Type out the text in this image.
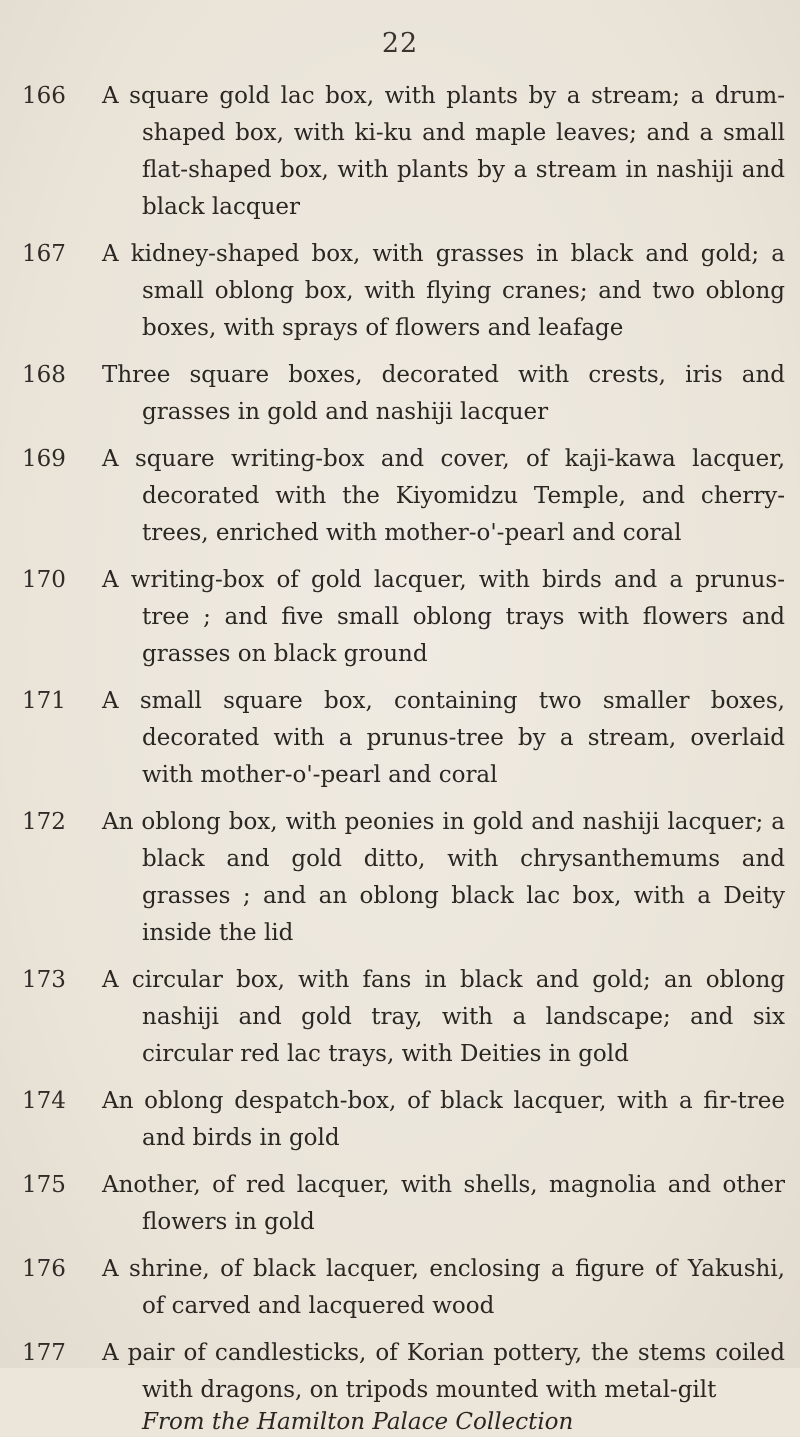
22
166 A square gold lac box, with plants by a stream; a drum-shaped box, with ki-ku and maple leaves; and a small flat-shaped box, with plants by a stream in nashiji and black lacquer
167 A kidney-shaped box, with grasses in black and gold; a small oblong box, with flying cranes; and two oblong boxes, with sprays of flowers and leafage
168 Three square boxes, decorated with crests, iris and grasses in gold and nashiji lacquer
169 A square writing-box and cover, of kaji-kawa lacquer, decorated with the Kiyomidzu Temple, and cherry-trees, enriched with mother-o'-pearl and coral
170 A writing-box of gold lacquer, with birds and a prunus-tree ; and five small oblong trays with flowers and grasses on black ground
171 A small square box, containing two smaller boxes, decorated with a prunus-tree by a stream, overlaid with mother-o'-pearl and coral
172 An oblong box, with peonies in gold and nashiji lacquer; a black and gold ditto, with chrysanthemums and grasses ; and an oblong black lac box, with a Deity inside the lid
173 A circular box, with fans in black and gold; an oblong nashiji and gold tray, with a landscape; and six circular red lac trays, with Deities in gold
174 An oblong despatch-box, of black lacquer, with a fir-tree and birds in gold
175 Another, of red lacquer, with shells, magnolia and other flowers in gold
176 A shrine, of black lacquer, enclosing a figure of Yakushi, of carved and lacquered wood
177 A pair of candlesticks, of Korian pottery, the stems coiled with dragons, on tripods mounted with metal-gilt
From the Hamilton Palace Collection
